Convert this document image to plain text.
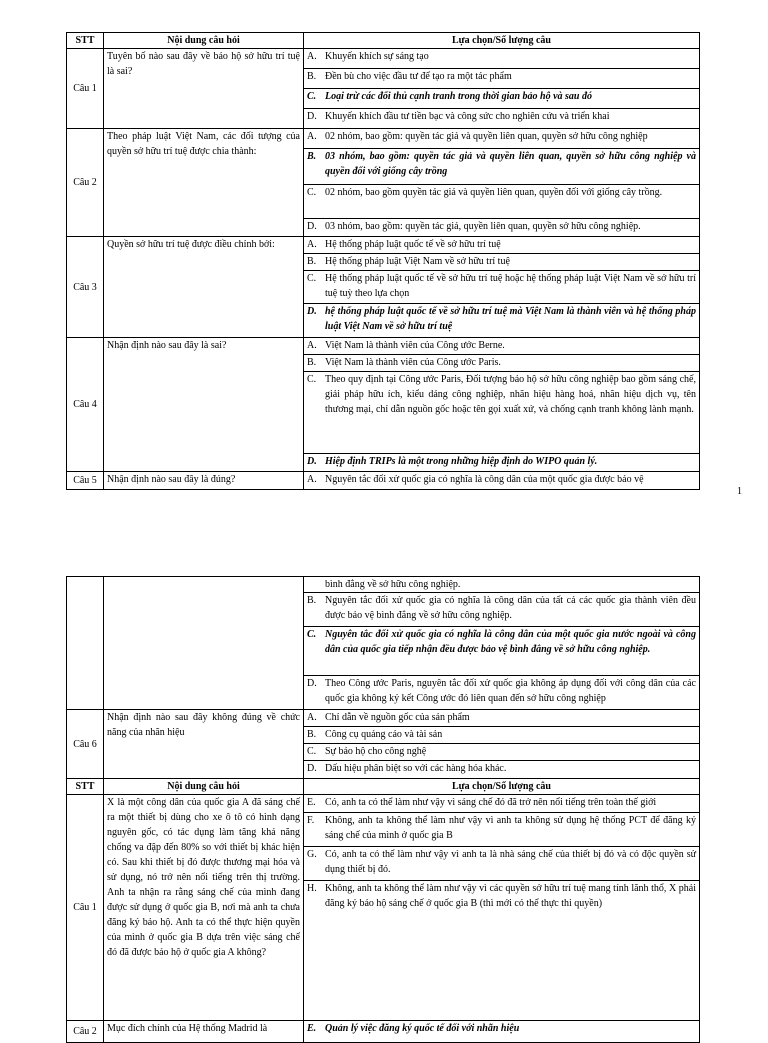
STT	Nội dung câu hỏi	Lựa chọn/Số lượng câu
Câu 1	Tuyên bố nào sau đây về bảo hộ sở hữu trí tuệ là sai?	A. Khuyến khích sự sáng tạo

		B. Đền bù cho việc đầu tư để tạo ra một tác phẩm

		C. Loại trừ các đối thủ cạnh tranh trong thời gian bảo hộ và sau đó

		D. Khuyến khích đầu tư tiền bạc và công sức cho nghiên cứu và triển khai

Câu 2	Theo pháp luật Việt Nam, các đối tượng của quyền sở hữu trí tuệ được chia thành:	A. 02 nhóm, bao gồm: quyền tác giả và quyền liên quan, quyền sở hữu công nghiệp

		B. 03 nhóm, bao gồm: quyền tác giả và quyền liên quan, quyền sở hữu công nghiệp và quyền đối với giống cây trồng

		C. 02 nhóm, bao gồm quyền tác giả và quyền liên quan, quyền đối với giống cây trồng.

		D. 03 nhóm, bao gồm: quyền tác giả, quyền liên quan, quyền sở hữu công nghiệp.

Câu 3	Quyền sở hữu trí tuệ được điều chỉnh bởi:	A. Hệ thống pháp luật quốc tế về sở hữu trí tuệ

		B. Hệ thống pháp luật Việt Nam về sở hữu trí tuệ

		C. Hệ thống pháp luật quốc tế về sở hữu trí tuệ hoặc hệ thống pháp luật Việt Nam về sở hữu trí tuệ tuỳ theo lựa chọn

		D. hệ thống pháp luật quốc tế về sở hữu trí tuệ mà Việt Nam là thành viên và hệ thống pháp luật Việt Nam về sở hữu trí tuệ

Câu 4	Nhận định nào sau đây là sai?	A. Việt Nam là thành viên của Công ước Berne.

		B. Việt Nam là thành viên của Công ước Paris.

		C. Theo quy định tại Công ước Paris, Đối tượng bảo hộ sở hữu công nghiệp bao gồm sáng chế, giải pháp hữu ích, kiểu dáng công nghiệp, nhãn hiệu hàng hoá, nhãn hiệu dịch vụ, tên thương mại, chỉ dẫn nguồn gốc hoặc tên gọi xuất xứ, và chống cạnh tranh không lành mạnh.

		D. Hiệp định TRIPs là một trong những hiệp định do WIPO quản lý.

Câu 5	Nhận định nào sau đây là đúng?	A. Nguyên tắc đối xử quốc gia có nghĩa là công dân của một quốc gia được bảo vệ
1

		bình đẳng về sở hữu công nghiệp.

		B. Nguyên tắc đối xử quốc gia có nghĩa là công dân của tất cả các quốc gia thành viên đều được bảo vệ bình đẳng về sở hữu công nghiệp.

		C. Nguyên tắc đối xử quốc gia có nghĩa là công dân của một quốc gia nước ngoài và công dân của quốc gia tiếp nhận đều được bảo vệ bình đẳng về sở hữu công nghiệp.

		D. Theo Công ước Paris, nguyên tắc đối xử quốc gia không áp dụng đối với công dân của các quốc gia không ký kết Công ước đó liên quan đến sở hữu công nghiệp

Câu 6	Nhận định nào sau đây không đúng về chức năng của nhãn hiệu	A. Chỉ dẫn về nguồn gốc của sản phẩm

		B. Công cụ quảng cáo và tài sản

		C. Sự bảo hộ cho công nghệ

		D. Dấu hiệu phân biệt so với các hàng hóa khác.

STT	Nội dung câu hỏi	Lựa chọn/Số lượng câu
Câu 1	X là một công dân của quốc gia A đã sáng chế ra một thiết bị dùng cho xe ô tô có hình dạng nguyên gốc, có tác dụng làm tăng khả năng chống va đập đến 80% so với thiết bị khác hiện có. Sau khi thiết bị đó được thương mại hóa và sử dụng, nó trở nên nổi tiếng trên thị trường. Anh ta nhận ra rằng sáng chế của mình đang được sử dụng ở quốc gia B, nơi mà anh ta chưa đăng ký bảo hộ. Anh ta có thể thực hiện quyền của mình ở quốc gia B dựa trên việc sáng chế đó đã được bảo hộ ở quốc gia A không?	E. Có, anh ta có thể làm như vậy vì sáng chế đó đã trở nên nổi tiếng trên toàn thế giới

		F. Không, anh ta không thể làm như vậy vì anh ta không sử dụng hệ thống PCT để đăng ký sáng chế của mình ở quốc gia B

		G. Có, anh ta có thể làm như vậy vì anh ta là nhà sáng chế của thiết bị đó và có độc quyền sử dụng thiết bị đó.

		H. Không, anh ta không thể làm như vậy vì các quyền sở hữu trí tuệ mang tính lãnh thổ, X phải đăng ký bảo hộ sáng chế ở quốc gia B (thì mới có thể thực thi quyền)

Câu 2	Mục đích chính của Hệ thống Madrid là	E. Quản lý việc đăng ký quốc tế đối với nhãn hiệu
